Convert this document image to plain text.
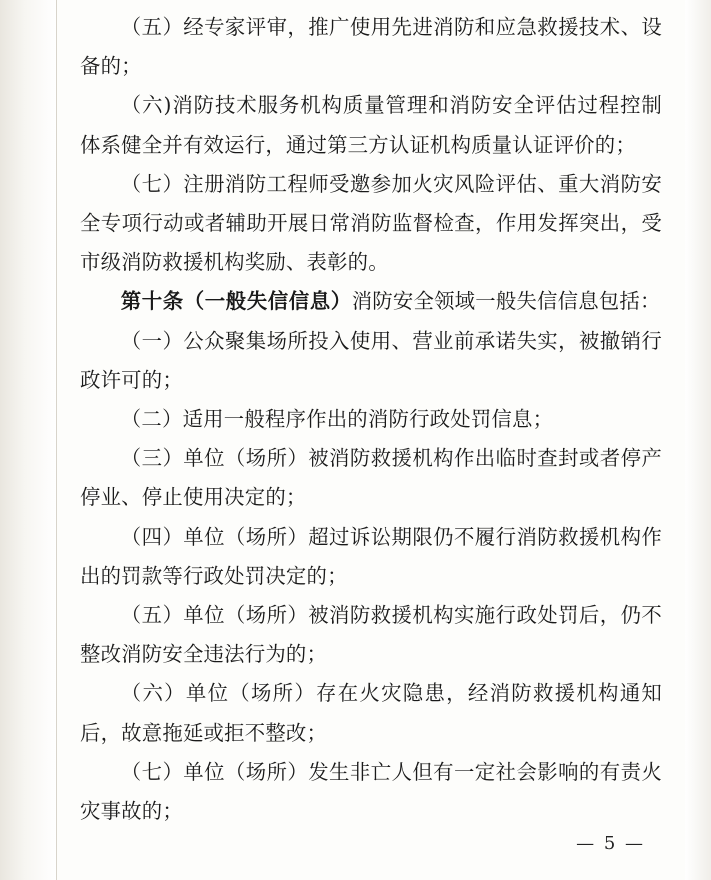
（五）经专家评审，推广使用先进消防和应急救援技术、设备的；

（六)消防技术服务机构质量管理和消防安全评估过程控制体系健全并有效运行，通过第三方认证机构质量认证评价的；

（七）注册消防工程师受邀参加火灾风险评估、重大消防安全专项行动或者辅助开展日常消防监督检查，作用发挥突出，受市级消防救援机构奖励、表彰的。

第十条（一般失信信息）消防安全领域一般失信信息包括：

（一）公众聚集场所投入使用、营业前承诺失实，被撤销行政许可的；

（二）适用一般程序作出的消防行政处罚信息；

（三）单位（场所）被消防救援机构作出临时查封或者停产停业、停止使用决定的；

（四）单位（场所）超过诉讼期限仍不履行消防救援机构作出的罚款等行政处罚决定的；

（五）单位（场所）被消防救援机构实施行政处罚后，仍不整改消防安全违法行为的；

（六）单位（场所）存在火灾隐患，经消防救援机构通知后，故意拖延或拒不整改；

（七）单位（场所）发生非亡人但有一定社会影响的有责火灾事故的；

— 5 —
